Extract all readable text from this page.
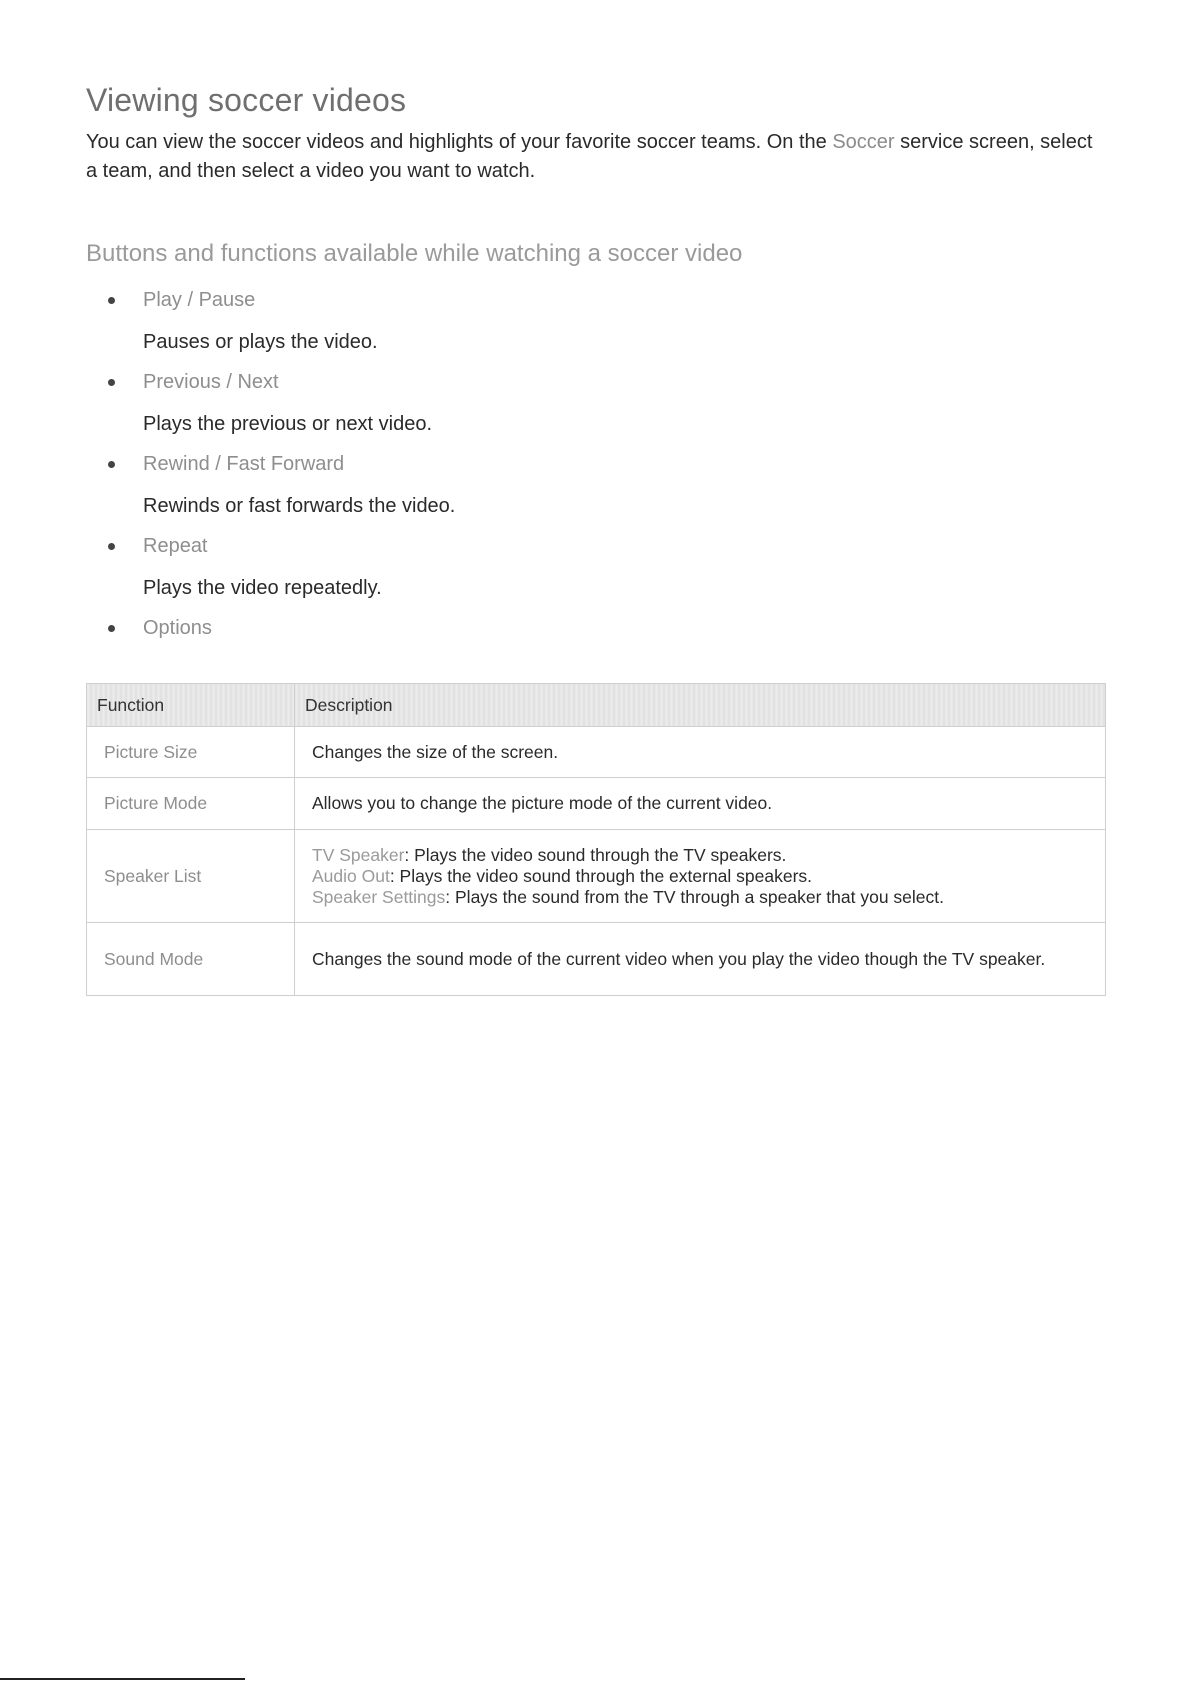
Viewing soccer videos

You can view the soccer videos and highlights of your favorite soccer teams. On the Soccer service screen, select a team, and then select a video you want to watch.

Buttons and functions available while watching a soccer video
Play / Pause
Pauses or plays the video.
Previous / Next
Plays the previous or next video.
Rewind / Fast Forward
Rewinds or fast forwards the video.
Repeat
Plays the video repeatedly.
Options
Function	Description
Picture Size	Changes the size of the screen.
Picture Mode	Allows you to change the picture mode of the current video.
Speaker List	TV Speaker: Plays the video sound through the TV speakers.
Audio Out: Plays the video sound through the external speakers.
Speaker Settings: Plays the sound from the TV through a speaker that you select.

Sound Mode	Changes the sound mode of the current video when you play the video though the TV speaker.
